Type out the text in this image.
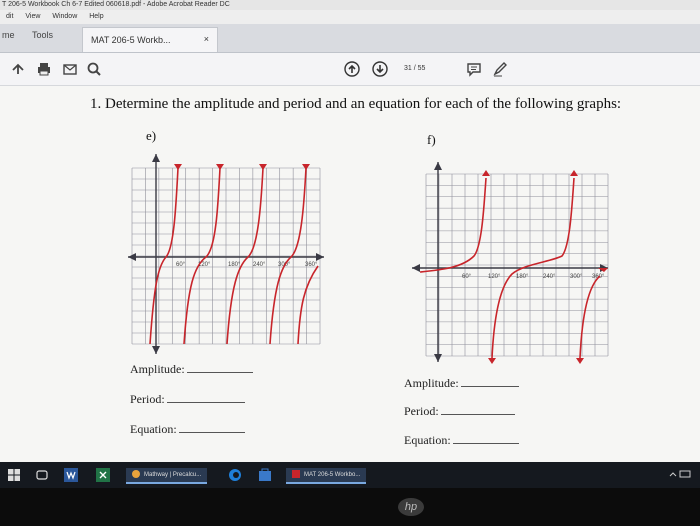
T 206-5 Workbook Ch 6-7 Edited 060618.pdf - Adobe Acrobat Reader DC
dit View Window Help
me Tools	MAT 206-5 Workb...	×
31 / 55
1. Determine the amplitude and period and an equation for each of the following graphs:
e)	f)
60° 120°	180° 240° 300° 360°
60°	120°	180° 240° 300° 360°
Amplitude:
Period:
Equation:
Amplitude:
Period:
Equation:
Mathway | Precalcu...	MAT 206-5 Workbo...
hp
